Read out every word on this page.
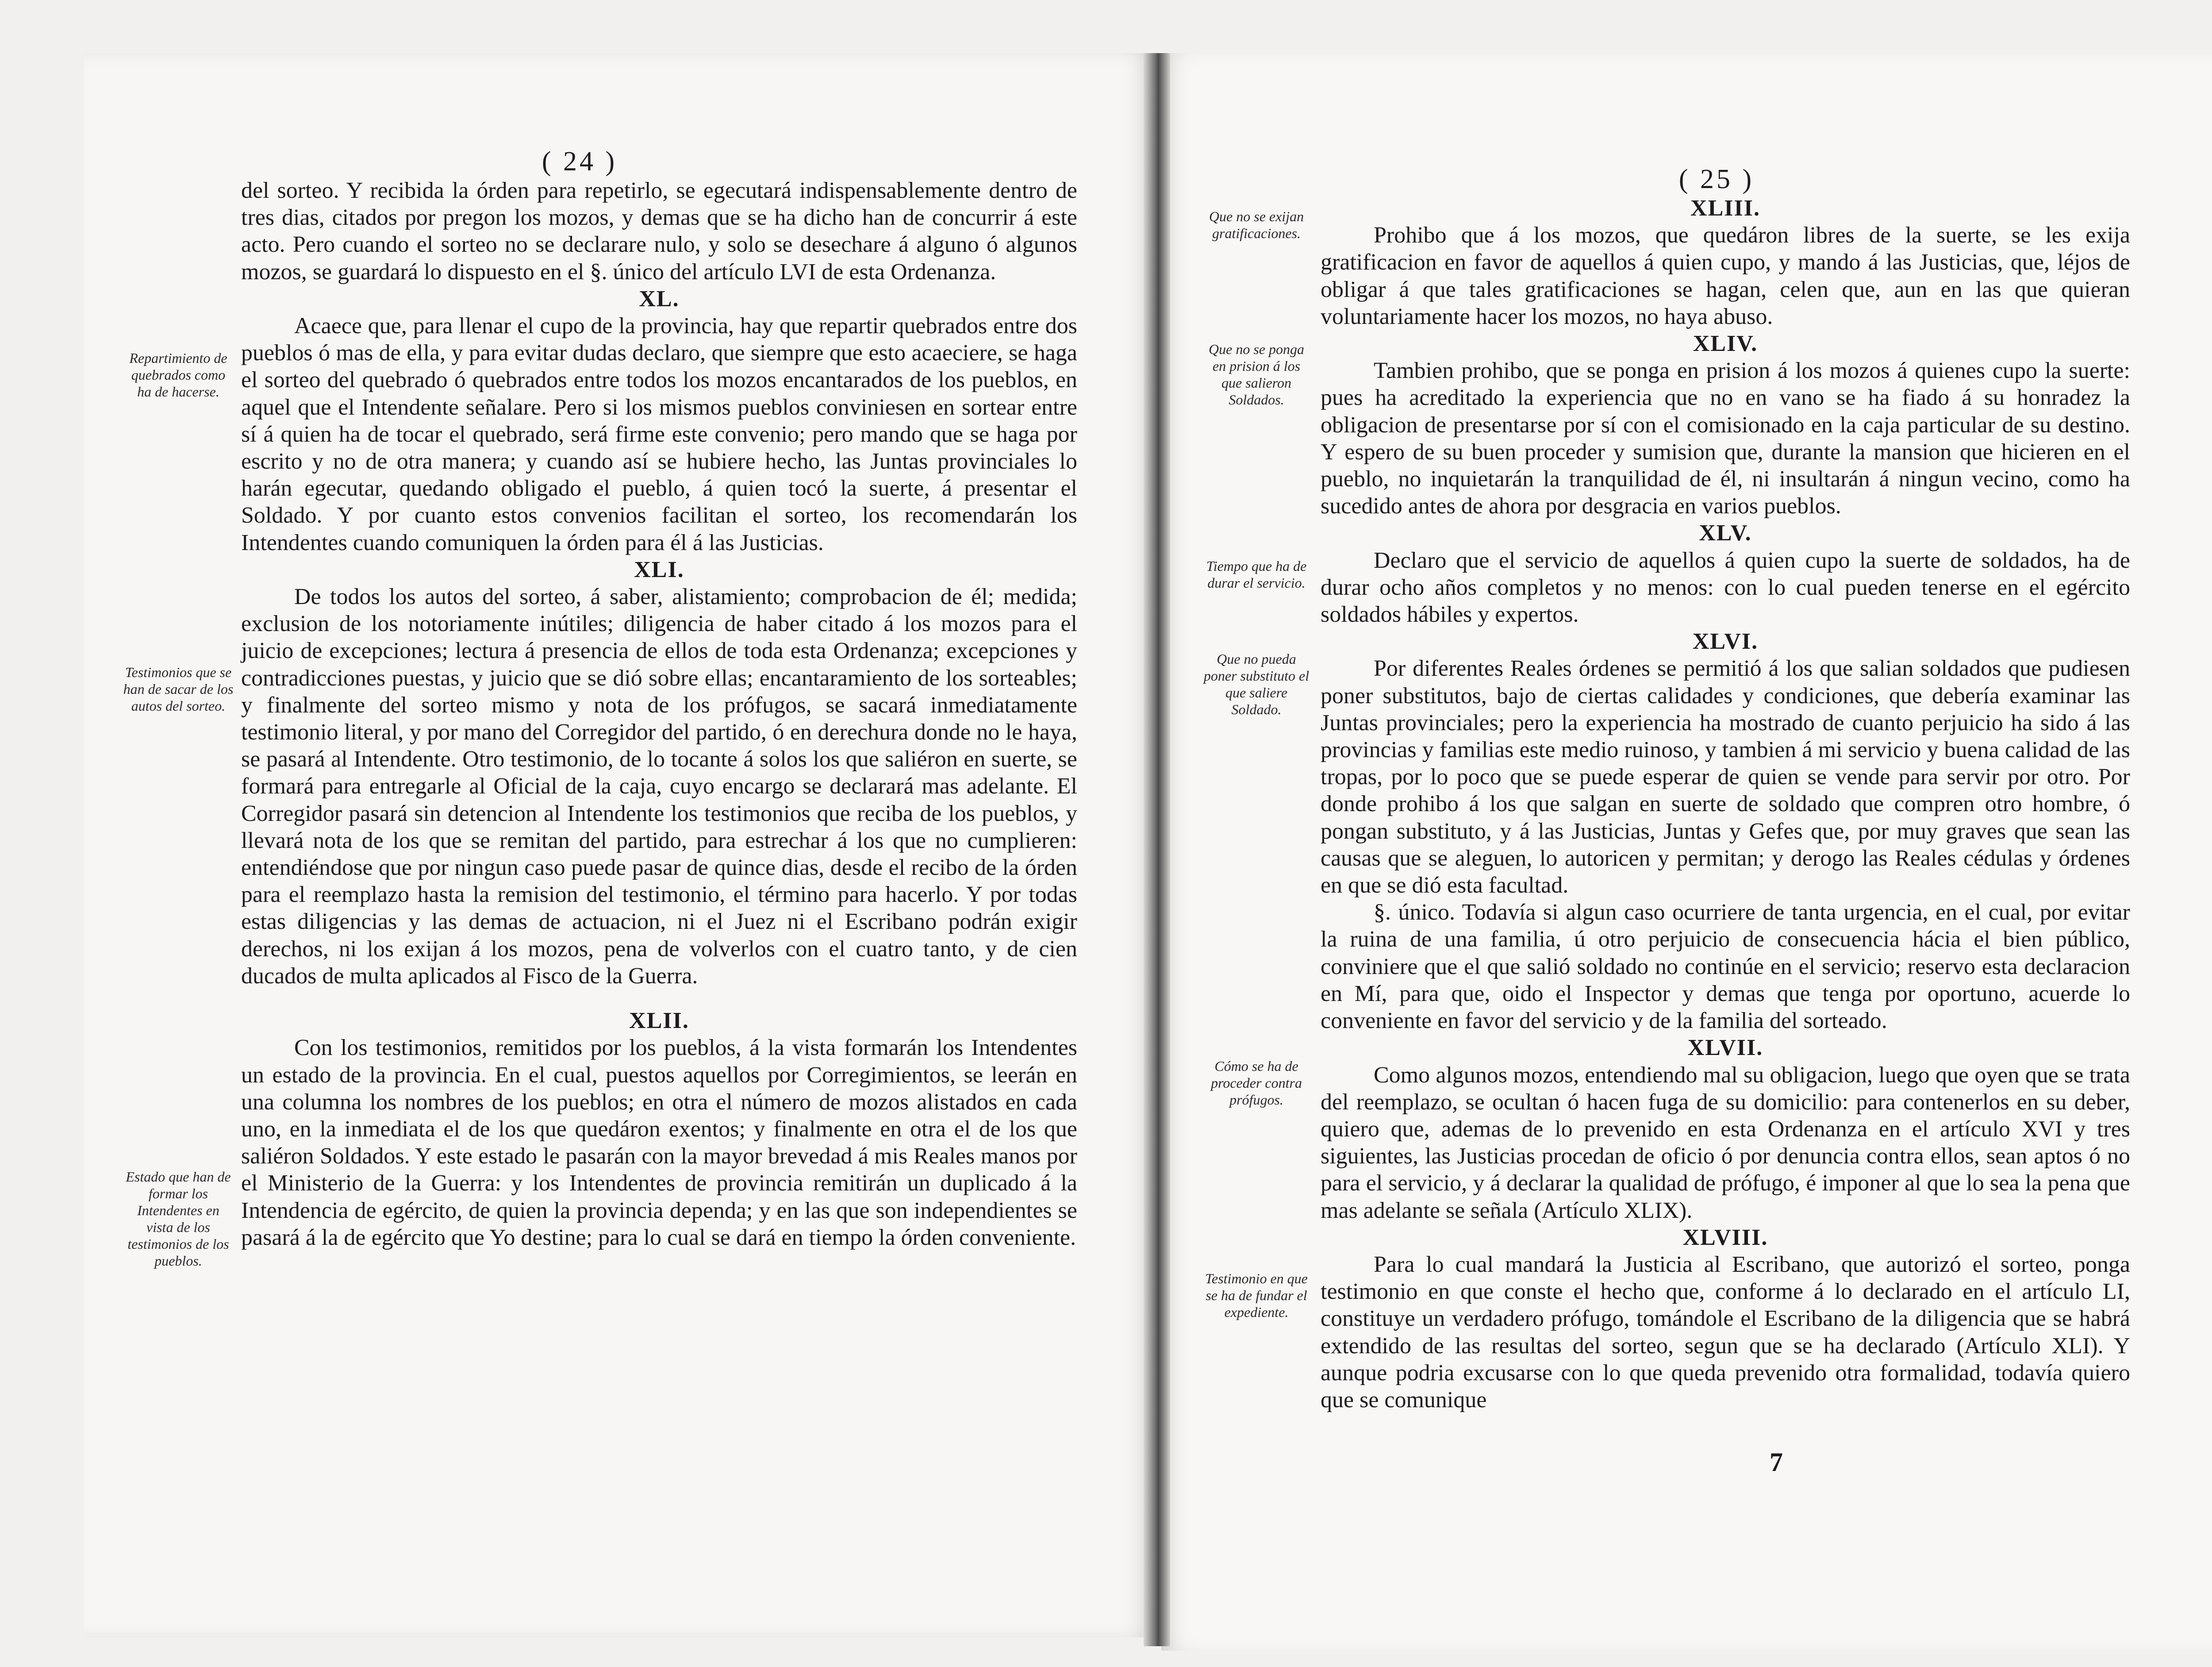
( 24 )
Repartimiento de quebrados como ha de hacerse.
Testimonios que se han de sacar de los autos del sorteo.
Estado que han de formar los Intendentes en vista de los testimonios de los pueblos.

del sorteo. Y recibida la órden para repetirlo, se egecutará indispensablemente dentro de tres dias, citados por pregon los mozos, y demas que se ha dicho han de concurrir á este acto. Pero cuando el sorteo no se declarare nulo, y solo se desechare á alguno ó algunos mozos, se guardará lo dispuesto en el §. único del artículo LVI de esta Ordenanza.

XL.

Acaece que, para llenar el cupo de la provincia, hay que repartir quebrados entre dos pueblos ó mas de ella, y para evitar dudas declaro, que siempre que esto acaeciere, se haga el sorteo del quebrado ó quebrados entre todos los mozos encantarados de los pueblos, en aquel que el Intendente señalare. Pero si los mismos pueblos conviniesen en sortear entre sí á quien ha de tocar el quebrado, será firme este convenio; pero mando que se haga por escrito y no de otra manera; y cuando así se hubiere hecho, las Juntas provinciales lo harán egecutar, quedando obligado el pueblo, á quien tocó la suerte, á presentar el Soldado. Y por cuanto estos convenios facilitan el sorteo, los recomendarán los Intendentes cuando comuniquen la órden para él á las Justicias.

XLI.

De todos los autos del sorteo, á saber, alistamiento; comprobacion de él; medida; exclusion de los notoriamente inútiles; diligencia de haber citado á los mozos para el juicio de excepciones; lectura á presencia de ellos de toda esta Ordenanza; excepciones y contradicciones puestas, y juicio que se dió sobre ellas; encantaramiento de los sorteables; y finalmente del sorteo mismo y nota de los prófugos, se sacará inmediatamente testimonio literal, y por mano del Corregidor del partido, ó en derechura donde no le haya, se pasará al Intendente. Otro testimonio, de lo tocante á solos los que saliéron en suerte, se formará para entregarle al Oficial de la caja, cuyo encargo se declarará mas adelante. El Corregidor pasará sin detencion al Intendente los testimonios que reciba de los pueblos, y llevará nota de los que se remitan del partido, para estrechar á los que no cumplieren: entendiéndose que por ningun caso puede pasar de quince dias, desde el recibo de la órden para el reemplazo hasta la remision del testimonio, el término para hacerlo. Y por todas estas diligencias y las demas de actuacion, ni el Juez ni el Escribano podrán exigir derechos, ni los exijan á los mozos, pena de volverlos con el cuatro tanto, y de cien ducados de multa aplicados al Fisco de la Guerra.

XLII.

Con los testimonios, remitidos por los pueblos, á la vista formarán los Intendentes un estado de la provincia. En el cual, puestos aquellos por Corregimientos, se leerán en una columna los nombres de los pueblos; en otra el número de mozos alistados en cada uno, en la inmediata el de los que quedáron exentos; y finalmente en otra el de los que saliéron Soldados. Y este estado le pasarán con la mayor brevedad á mis Reales manos por el Ministerio de la Guerra: y los Intendentes de provincia remitirán un duplicado á la Intendencia de egército, de quien la provincia dependa; y en las que son independientes se pasará á la de egército que Yo destine; para lo cual se dará en tiempo la órden conveniente.

( 25 )
Que no se exijan gratificaciones.
Que no se ponga en prision á los que salieron Soldados.
Tiempo que ha de durar el servicio.
Que no pueda poner substituto el que saliere Soldado.
Cómo se ha de proceder contra prófugos.
Testimonio en que se ha de fundar el expediente.
XLIII.

Prohibo que á los mozos, que quedáron libres de la suerte, se les exija gratificacion en favor de aquellos á quien cupo, y mando á las Justicias, que, léjos de obligar á que tales gratificaciones se hagan, celen que, aun en las que quieran voluntariamente hacer los mozos, no haya abuso.

XLIV.

Tambien prohibo, que se ponga en prision á los mozos á quienes cupo la suerte: pues ha acreditado la experiencia que no en vano se ha fiado á su honradez la obligacion de presentarse por sí con el comisionado en la caja particular de su destino. Y espero de su buen proceder y sumision que, durante la mansion que hicieren en el pueblo, no inquietarán la tranquilidad de él, ni insultarán á ningun vecino, como ha sucedido antes de ahora por desgracia en varios pueblos.

XLV.

Declaro que el servicio de aquellos á quien cupo la suerte de soldados, ha de durar ocho años completos y no menos: con lo cual pueden tenerse en el egército soldados hábiles y expertos.

XLVI.

Por diferentes Reales órdenes se permitió á los que salian soldados que pudiesen poner substitutos, bajo de ciertas calidades y condiciones, que debería examinar las Juntas provinciales; pero la experiencia ha mostrado de cuanto perjuicio ha sido á las provincias y familias este medio ruinoso, y tambien á mi servicio y buena calidad de las tropas, por lo poco que se puede esperar de quien se vende para servir por otro. Por donde prohibo á los que salgan en suerte de soldado que compren otro hombre, ó pongan substituto, y á las Justicias, Juntas y Gefes que, por muy graves que sean las causas que se aleguen, lo autoricen y permitan; y derogo las Reales cédulas y órdenes en que se dió esta facultad.

§. único. Todavía si algun caso ocurriere de tanta urgencia, en el cual, por evitar la ruina de una familia, ú otro perjuicio de consecuencia hácia el bien público, conviniere que el que salió soldado no continúe en el servicio; reservo esta declaracion en Mí, para que, oido el Inspector y demas que tenga por oportuno, acuerde lo conveniente en favor del servicio y de la familia del sorteado.

XLVII.

Como algunos mozos, entendiendo mal su obligacion, luego que oyen que se trata del reemplazo, se ocultan ó hacen fuga de su domicilio: para contenerlos en su deber, quiero que, ademas de lo prevenido en esta Ordenanza en el artículo XVI y tres siguientes, las Justicias procedan de oficio ó por denuncia contra ellos, sean aptos ó no para el servicio, y á declarar la qualidad de prófugo, é imponer al que lo sea la pena que mas adelante se señala (Artículo XLIX).

XLVIII.

Para lo cual mandará la Justicia al Escribano, que autorizó el sorteo, ponga testimonio en que conste el hecho que, conforme á lo declarado en el artículo LI, constituye un verdadero prófugo, tomándole el Escribano de la diligencia que se habrá extendido de las resultas del sorteo, segun que se ha declarado (Artículo XLI). Y aunque podria excusarse con lo que queda prevenido otra formalidad, todavía quiero que se comunique

7
